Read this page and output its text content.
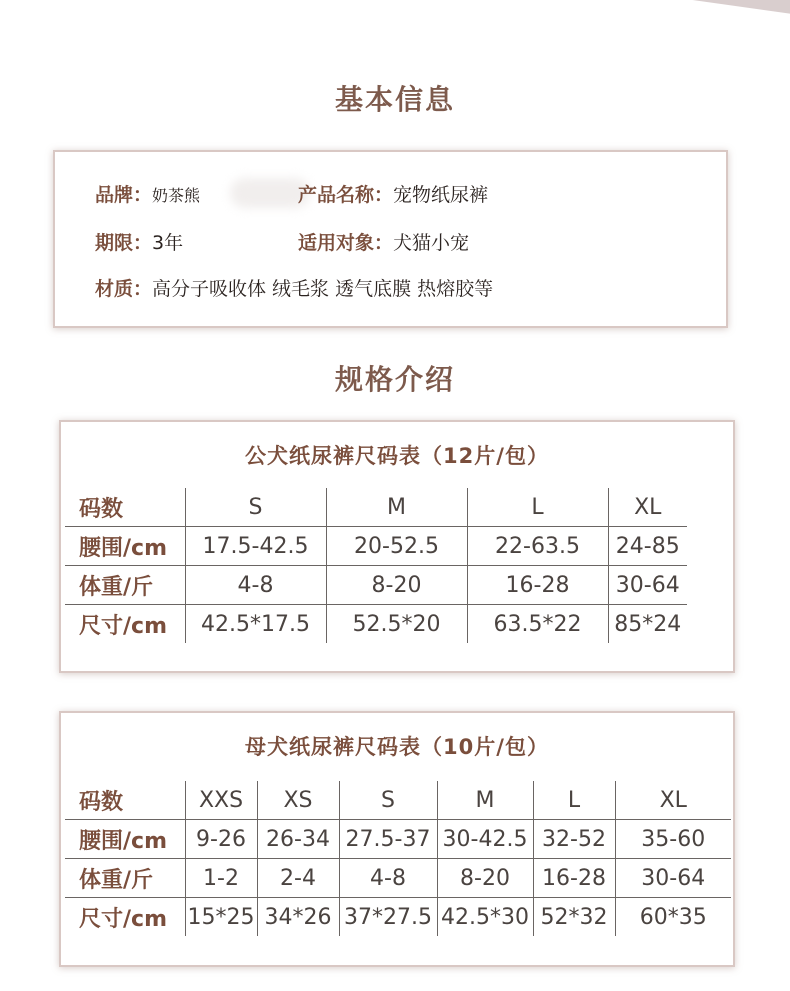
基本信息
品牌：奶茶熊	产品名称：宠物纸尿裤
期限：3年	适用对象：犬猫小宠
材质：高分子吸收体 绒毛浆 透气底膜 热熔胶等
规格介绍
公犬纸尿裤尺码表（12片/包）
码数	S	M	L	XL
腰围/cm	17.5-42.5	20-52.5	22-63.5	24-85
体重/斤	4-8	8-20	16-28	30-64
尺寸/cm	42.5*17.5	52.5*20	63.5*22	85*24
母犬纸尿裤尺码表（10片/包）
码数	XXS	XS	S	M	L	XL
腰围/cm	9-26	26-34	27.5-37	30-42.5	32-52	35-60
体重/斤	1-2	2-4	4-8	8-20	16-28	30-64
尺寸/cm	15*25	34*26	37*27.5	42.5*30	52*32	60*35
